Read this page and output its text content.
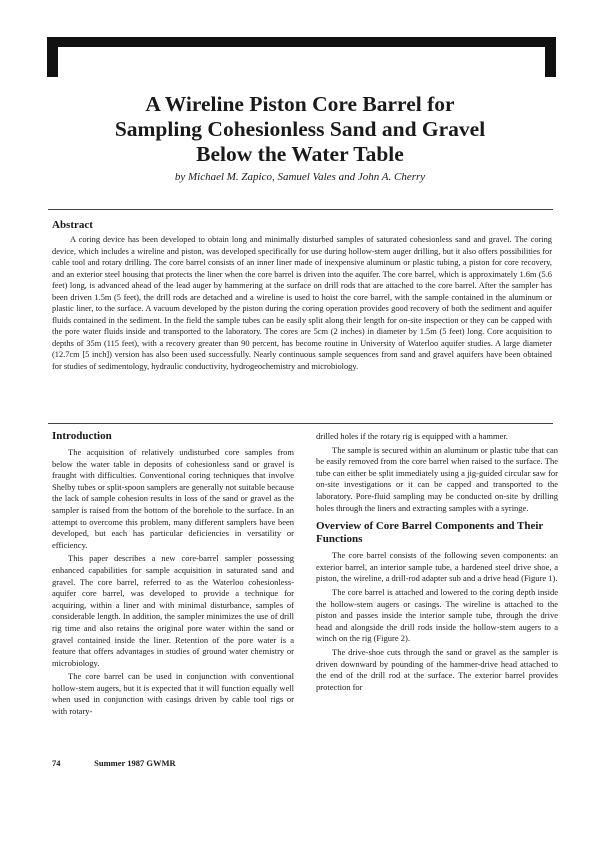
A Wireline Piston Core Barrel for
Sampling Cohesionless Sand and Gravel
Below the Water Table
by Michael M. Zapico, Samuel Vales and John A. Cherry
Abstract

A coring device has been developed to obtain long and minimally disturbed samples of saturated cohesionless sand and gravel. The coring device, which includes a wireline and piston, was developed specifically for use during hollow-stem auger drilling, but it also offers possibilities for cable tool and rotary drilling. The core barrel consists of an inner liner made of inexpensive aluminum or plastic tubing, a piston for core recovery, and an exterior steel housing that protects the liner when the core barrel is driven into the aquifer. The core barrel, which is approximately 1.6m (5.6 feet) long, is advanced ahead of the lead auger by hammering at the surface on drill rods that are attached to the core barrel. After the sampler has been driven 1.5m (5 feet), the drill rods are detached and a wireline is used to hoist the core barrel, with the sample contained in the aluminum or plastic liner, to the surface. A vacuum developed by the piston during the coring operation provides good recovery of both the sediment and aquifer fluids contained in the sediment. In the field the sample tubes can be easily split along their length for on-site inspection or they can be capped with the pore water fluids inside and transported to the laboratory. The cores are 5cm (2 inches) in diameter by 1.5m (5 feet) long. Core acquisition to depths of 35m (115 feet), with a recovery greater than 90 percent, has become routine in University of Waterloo aquifer studies. A large diameter (12.7cm [5 inch]) version has also been used successfully. Nearly continuous sample sequences from sand and gravel aquifers have been obtained for studies of sedimentology, hydraulic conductivity, hydrogeochemistry and microbiology.

Introduction

The acquisition of relatively undisturbed core samples from below the water table in deposits of cohesionless sand or gravel is fraught with difficulties. Conventional coring techniques that involve Shelby tubes or split-spoon samplers are generally not suitable because the lack of sample cohesion results in loss of the sand or gravel as the sampler is raised from the bottom of the borehole to the surface. In an attempt to overcome this problem, many different samplers have been developed, but each has particular deficiencies in versatility or efficiency.

This paper describes a new core-barrel sampler possessing enhanced capabilities for sample acquisition in saturated sand and gravel. The core barrel, referred to as the Waterloo cohesionless-aquifer core barrel, was developed to provide a technique for acquiring, within a liner and with minimal disturbance, samples of considerable length. In addition, the sampler minimizes the use of drill rig time and also retains the original pore water within the sand or gravel contained inside the liner. Retention of the pore water is a feature that offers advantages in studies of ground water chemistry or microbiology.

The core barrel can be used in conjunction with conventional hollow-stem augers, but it is expected that it will function equally well when used in conjunction with casings driven by cable tool rigs or with rotary-

drilled holes if the rotary rig is equipped with a hammer.

The sample is secured within an aluminum or plastic tube that can be easily removed from the core barrel when raised to the surface. The tube can either be split immediately using a jig-guided circular saw for on-site investigations or it can be capped and transported to the laboratory. Pore-fluid sampling may be conducted on-site by drilling holes through the liners and extracting samples with a syringe.

Overview of Core Barrel Components and Their Functions

The core barrel consists of the following seven components: an exterior barrel, an interior sample tube, a hardened steel drive shoe, a piston, the wireline, a drill-rod adapter sub and a drive head (Figure 1).

The core barrel is attached and lowered to the coring depth inside the hollow-stem augers or casings. The wireline is attached to the piston and passes inside the interior sample tube, through the drive head and alongside the drill rods inside the hollow-stem augers to a winch on the rig (Figure 2).

The drive-shoe cuts through the sand or gravel as the sampler is driven downward by pounding of the hammer-drive head attached to the end of the drill rod at the surface. The exterior barrel provides protection for

74	Summer 1987 GWMR
